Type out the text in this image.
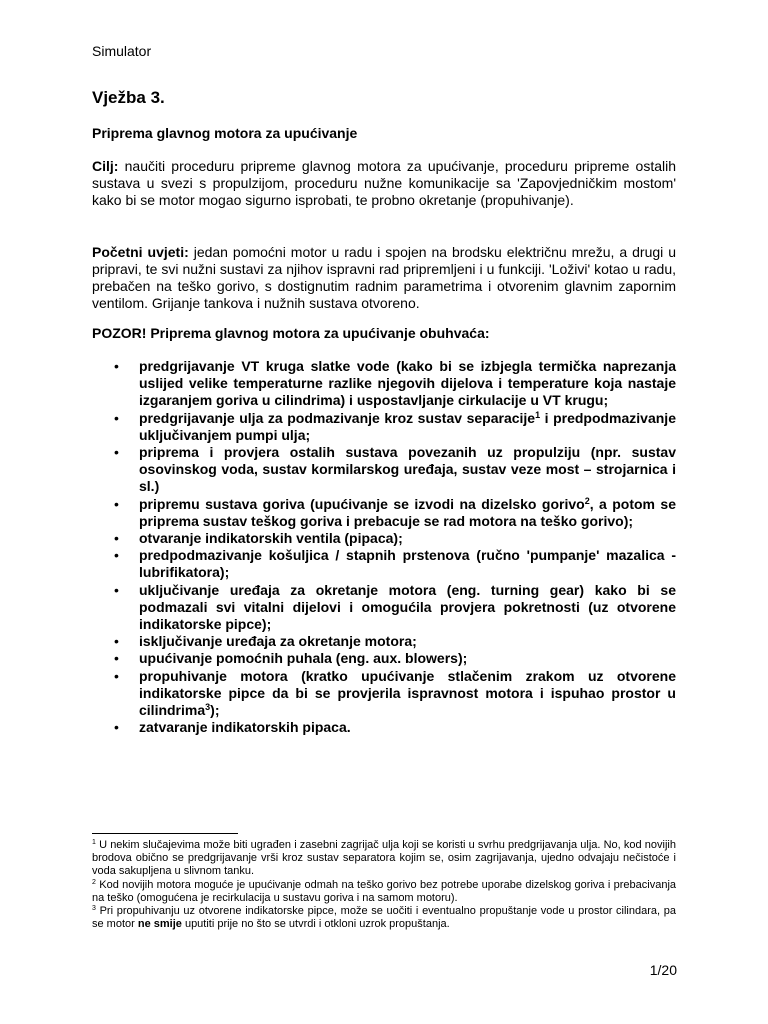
Simulator
Vježba 3.
Priprema glavnog motora za upućivanje
Cilj: naučiti proceduru pripreme glavnog motora za upućivanje, proceduru pripreme ostalih sustava u svezi s propulzijom, proceduru nužne komunikacije sa 'Zapovjedničkim mostom' kako bi se motor mogao sigurno isprobati, te probno okretanje (propuhivanje).
Početni uvjeti: jedan pomoćni motor u radu i spojen na brodsku električnu mrežu, a drugi u pripravi, te svi nužni sustavi za njihov ispravni rad pripremljeni i u funkciji. 'Loživi' kotao u radu, prebačen na teško gorivo, s dostignutim radnim parametrima i otvorenim glavnim zapornim ventilom. Grijanje tankova i nužnih sustava otvoreno.
POZOR! Priprema glavnog motora za upućivanje obuhvaća:
• predgrijavanje VT kruga slatke vode (kako bi se izbjegla termička naprezanja uslijed velike temperaturne razlike njegovih dijelova i temperature koja nastaje izgaranjem goriva u cilindrima) i uspostavljanje cirkulacije u VT krugu;
• predgrijavanje ulja za podmazivanje kroz sustav separacije$^1$ i predpodmazivanje uključivanjem pumpi ulja;
• priprema i provjera ostalih sustava povezanih uz propulziju (npr. sustav osovinskog voda, sustav kormilarskog uređaja, sustav veze most – strojarnica i sl.)
• pripremu sustava goriva (upućivanje se izvodi na dizelsko gorivo$^2$, a potom se priprema sustav teškog goriva i prebacuje se rad motora na teško gorivo);
• otvaranje indikatorskih ventila (pipaca);
• predpodmazivanje košuljica / stapnih prstenova (ručno 'pumpanje' mazalica - lubrifikatora);
• uključivanje uređaja za okretanje motora (eng. turning gear) kako bi se podmazali svi vitalni dijelovi i omogućila provjera pokretnosti (uz otvorene indikatorske pipce);
• isključivanje uređaja za okretanje motora;
• upućivanje pomoćnih puhala (eng. aux. blowers);
• propuhivanje motora (kratko upućivanje stlačenim zrakom uz otvorene indikatorske pipce da bi se provjerila ispravnost motora i ispuhao prostor u cilindrima$^3$);
• zatvaranje indikatorskih pipaca.

$^1$ U nekim slučajevima može biti ugrađen i zasebni zagrijač ulja koji se koristi u svrhu predgrijavanja ulja. No, kod novijih brodova obično se predgrijavanje vrši kroz sustav separatora kojim se, osim zagrijavanja, ujedno odvajaju nečistoće i voda sakupljena u slivnom tanku.

$^2$ Kod novijih motora moguće je upućivanje odmah na teško gorivo bez potrebe uporabe dizelskog goriva i prebacivanja na teško (omogućena je recirkulacija u sustavu goriva i na samom motoru).

$^3$ Pri propuhivanju uz otvorene indikatorske pipce, može se uočiti i eventualno propuštanje vode u prostor cilindara, pa se motor ne smije uputiti prije no što se utvrdi i otkloni uzrok propuštanja.

1/20
